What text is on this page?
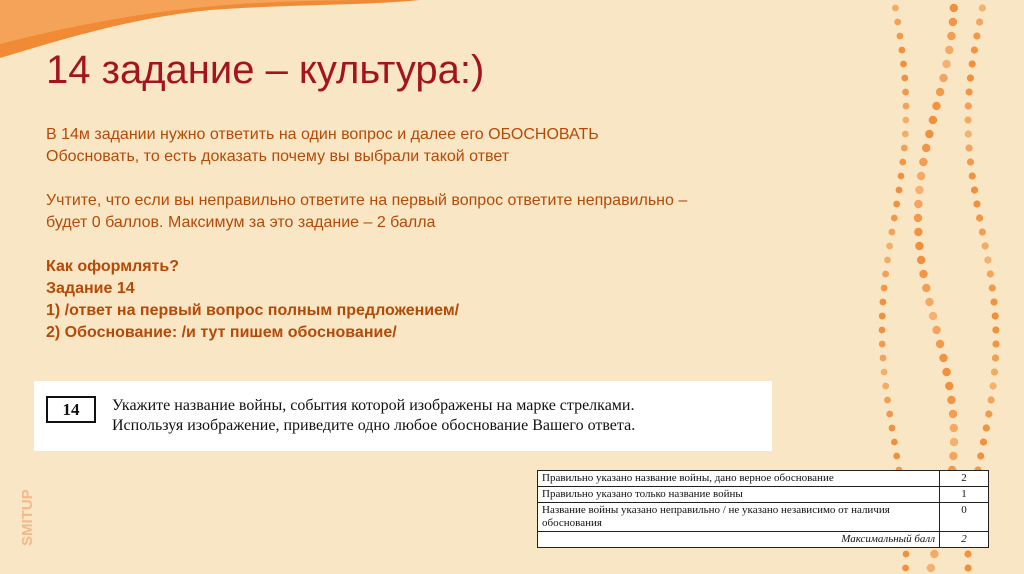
14 задание – культура:)

В 14м задании нужно ответить на один вопрос и далее его ОБОСНОВАТЬ

Обосновать, то есть доказать почему вы выбрали такой ответ

Учтите, что если вы неправильно ответите на первый вопрос ответите неправильно –

будет 0 баллов. Максимум за это задание – 2 балла

Как оформлять?

Задание 14

1) /ответ на первый вопрос полным предложением/

2) Обоснование: /и тут пишем обоснование/

14	Укажите название войны, события которой изображены на марке стрелками.
Используя изображение, приведите одно любое обоснование Вашего ответа.
Правильно указано название войны, дано верное обоснование	2
Правильно указано только название войны	1
Название войны указано неправильно / не указано независимо от наличия обоснования	0
Максимальный балл	2
SMITUP
